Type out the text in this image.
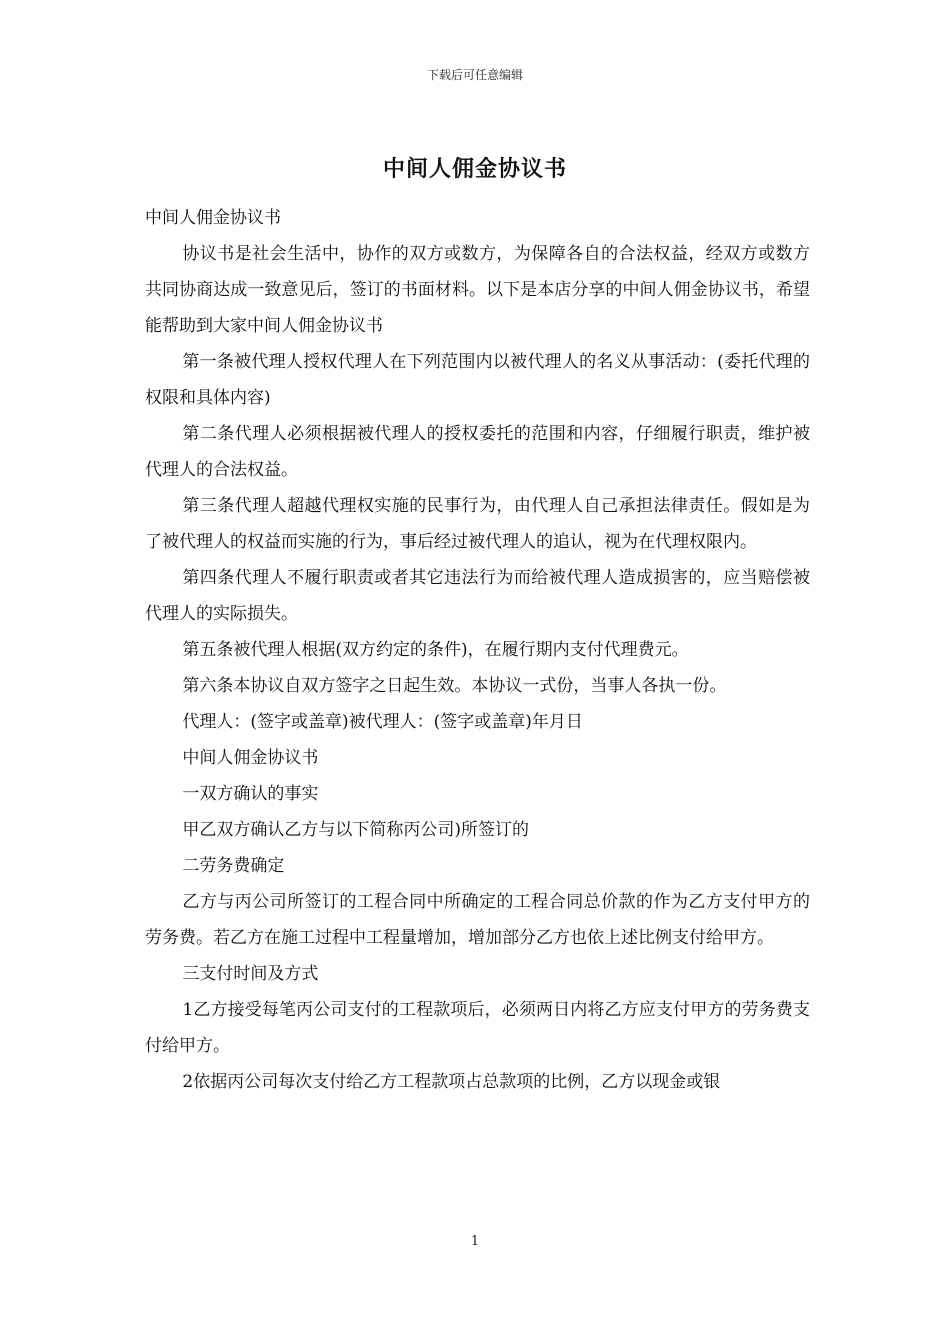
下载后可任意编辑
中间人佣金协议书

中间人佣金协议书

协议书是社会生活中，协作的双方或数方，为保障各自的合法权益，经双方或数方共同协商达成一致意见后，签订的书面材料。以下是本店分享的中间人佣金协议书，希望能帮助到大家中间人佣金协议书

第一条被代理人授权代理人在下列范围内以被代理人的名义从事活动：(委托代理的权限和具体内容)

第二条代理人必须根据被代理人的授权委托的范围和内容，仔细履行职责，维护被代理人的合法权益。

第三条代理人超越代理权实施的民事行为，由代理人自己承担法律责任。假如是为了被代理人的权益而实施的行为，事后经过被代理人的追认，视为在代理权限内。

第四条代理人不履行职责或者其它违法行为而给被代理人造成损害的，应当赔偿被代理人的实际损失。

第五条被代理人根据(双方约定的条件)，在履行期内支付代理费元。

第六条本协议自双方签字之日起生效。本协议一式份，当事人各执一份。

代理人：(签字或盖章)被代理人：(签字或盖章)年月日

中间人佣金协议书

一双方确认的事实

甲乙双方确认乙方与以下简称丙公司)所签订的

二劳务费确定

乙方与丙公司所签订的工程合同中所确定的工程合同总价款的作为乙方支付甲方的劳务费。若乙方在施工过程中工程量增加，增加部分乙方也依上述比例支付给甲方。

三支付时间及方式

1乙方接受每笔丙公司支付的工程款项后，必须两日内将乙方应支付甲方的劳务费支付给甲方。

2依据丙公司每次支付给乙方工程款项占总款项的比例，乙方以现金或银

1
